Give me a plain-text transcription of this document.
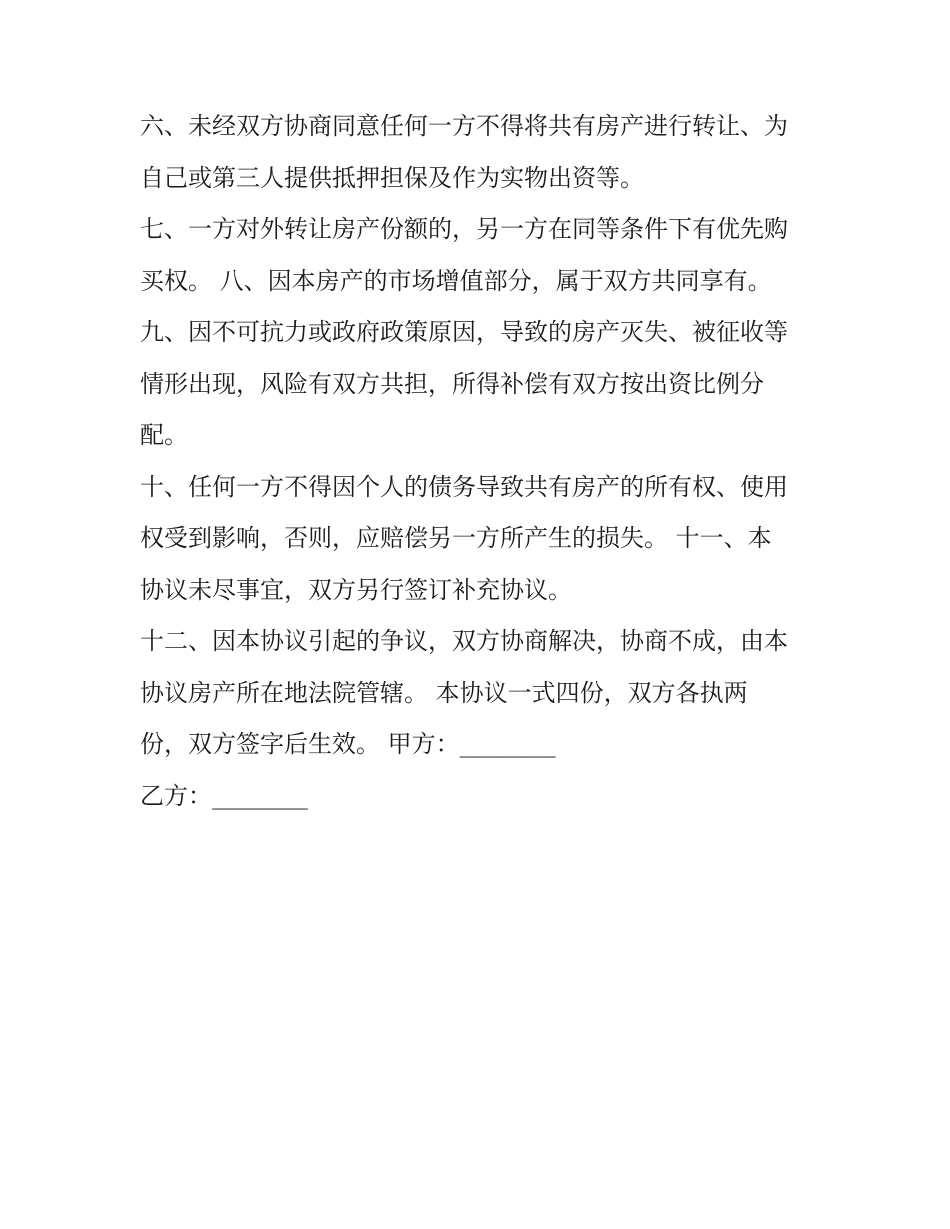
六、未经双方协商同意任何一方不得将共有房产进行转让、为
自己或第三人提供抵押担保及作为实物出资等。
七、一方对外转让房产份额的，另一方在同等条件下有优先购
买权。 八、因本房产的市场增值部分，属于双方共同享有。
九、因不可抗力或政府政策原因，导致的房产灭失、被征收等
情形出现，风险有双方共担，所得补偿有双方按出资比例分
配。
十、任何一方不得因个人的债务导致共有房产的所有权、使用
权受到影响，否则，应赔偿另一方所产生的损失。 十一、本
协议未尽事宜，双方另行签订补充协议。
十二、因本协议引起的争议，双方协商解决，协商不成，由本
协议房产所在地法院管辖。 本协议一式四份，双方各执两
份，双方签字后生效。 甲方：________
乙方：________
